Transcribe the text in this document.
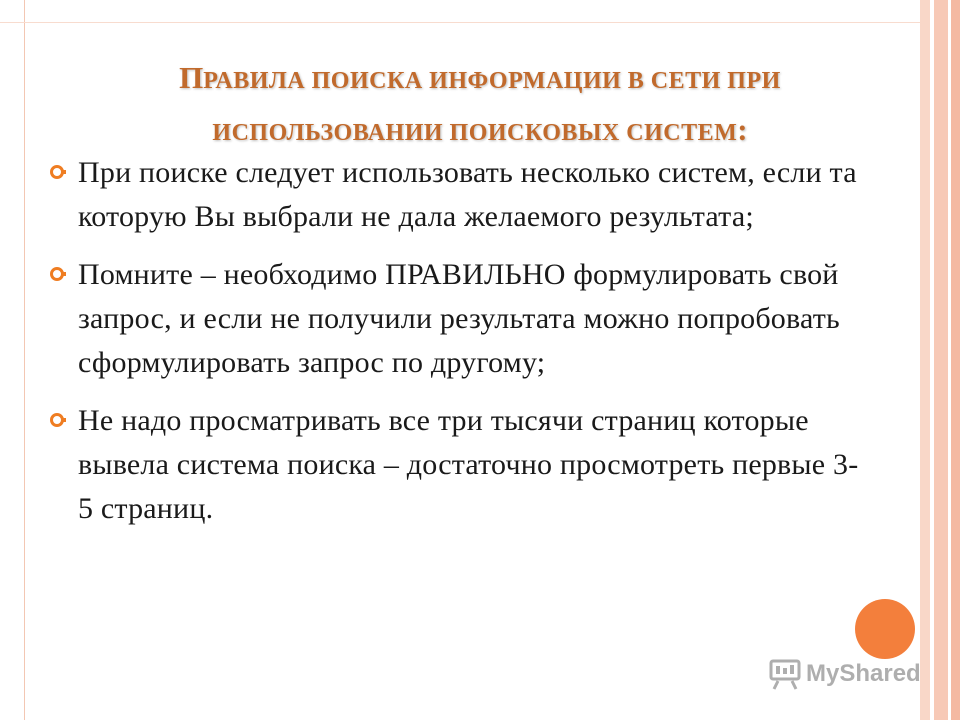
ПРАВИЛА ПОИСКА ИНФОРМАЦИИ В СЕТИ ПРИ
ИСПОЛЬЗОВАНИИ ПОИСКОВЫХ СИСТЕМ:
При поиске следует использовать несколько систем, если та которую Вы выбрали не дала желаемого результата;
Помните – необходимо ПРАВИЛЬНО формулировать свой запрос, и если не получили результата можно попробовать сформулировать запрос по другому;
Не надо просматривать все три тысячи страниц которые вывела система поиска – достаточно просмотреть первые 3-5 страниц.
MyShared
